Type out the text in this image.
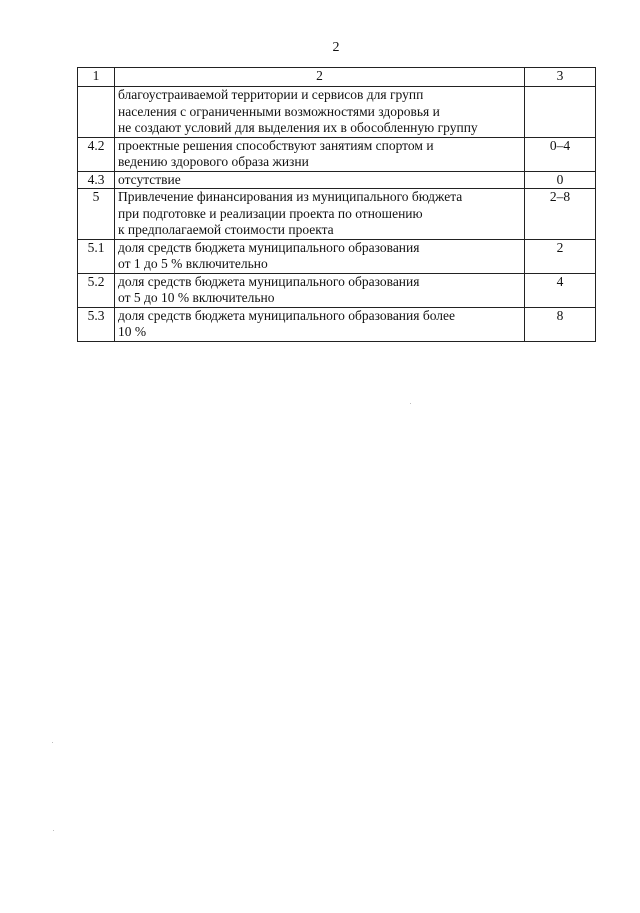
2
1	2	3

	благоустраиваемой территории и сервисов для групп
населения с ограниченными возможностями здоровья и
не создают условий для выделения их в обособленную группу	

4.2	проектные решения способствуют занятиям спортом и
ведению здорового образа жизни	0–4
4.3	отсутствие	0
5	Привлечение финансирования из муниципального бюджета
при подготовке и реализации проекта по отношению
к предполагаемой стоимости проекта	2–8
5.1	доля средств бюджета муниципального образования
от 1 до 5 % включительно	2
5.2	доля средств бюджета муниципального образования
от 5 до 10 % включительно	4
5.3	доля средств бюджета муниципального образования более
10 %	8
